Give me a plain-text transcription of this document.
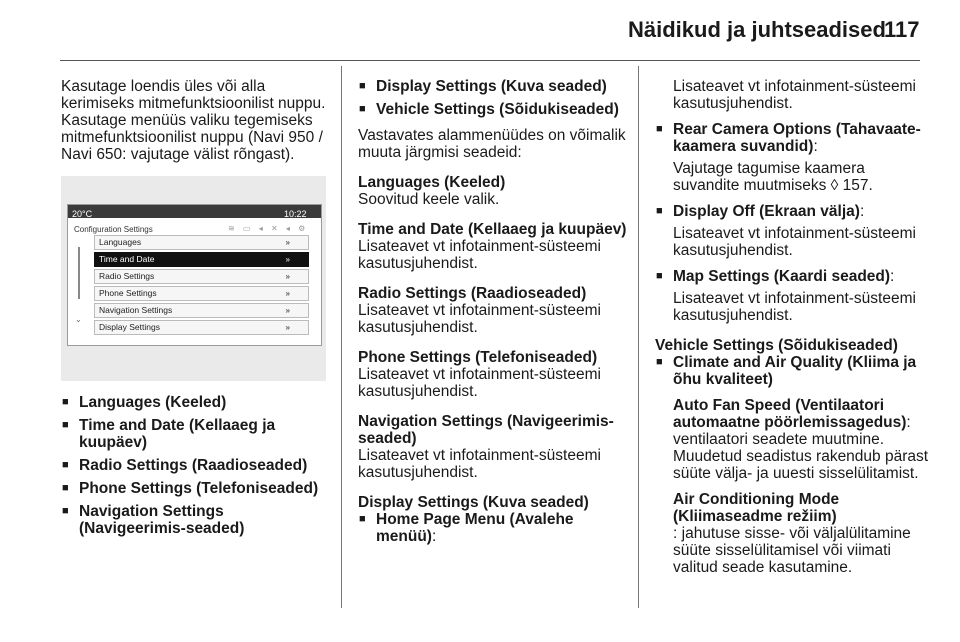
Näidikud ja juhtseadised
117

Kasutage loendis üles või alla kerimiseks mitmefunktsioonilist nuppu. Kasutage menüüs valiku tegemiseks mitmefunktsioonilist nuppu (Navi 950 / Navi 650: vajutage välist rõngast).

20°C	10:22
Configuration Settings	≋ ▭ ◂ ✕ ◂ ⚙
⌄
Languages	»
Time and Date	»
Radio Settings	»
Phone Settings	»
Navigation Settings	»
Display Settings	»

■ Languages (Keeled)

■ Time and Date (Kellaaeg ja kuupäev)

■ Radio Settings (Raadioseaded)

■ Phone Settings (Telefoniseaded)

■ Navigation Settings (Navigeerimis-seaded)

■ Display Settings (Kuva seaded)

■ Vehicle Settings (Sõidukiseaded)

Vastavates alammenüüdes on võimalik muuta järgmisi seadeid:

Languages (Keeled)

Soovitud keele valik.

Time and Date (Kellaaeg ja kuupäev)

Lisateavet vt infotainment-süsteemi kasutusjuhendist.

Radio Settings (Raadioseaded)

Lisateavet vt infotainment-süsteemi kasutusjuhendist.

Phone Settings (Telefoniseaded)

Lisateavet vt infotainment-süsteemi kasutusjuhendist.

Navigation Settings (Navigeerimis-seaded)

Lisateavet vt infotainment-süsteemi kasutusjuhendist.

Display Settings (Kuva seaded)

■ Home Page Menu (Avalehe menüü):

Lisateavet vt infotainment-süsteemi kasutusjuhendist.

■ Rear Camera Options (Tahavaate-kaamera suvandid):

Vajutage tagumise kaamera suvandite muutmiseks ◊ 157.

■ Display Off (Ekraan välja):

Lisateavet vt infotainment-süsteemi kasutusjuhendist.

■ Map Settings (Kaardi seaded):

Lisateavet vt infotainment-süsteemi kasutusjuhendist.

Vehicle Settings (Sõidukiseaded)

■ Climate and Air Quality (Kliima ja õhu kvaliteet)

Auto Fan Speed (Ventilaatori automaatne pöörlemissagedus):

ventilaatori seadete muutmine. Muudetud seadistus rakendub pärast süüte välja- ja uuesti sisselülitamist.

Air Conditioning Mode (Kliimaseadme režiim)

: jahutuse sisse- või väljalülitamine süüte sisselülitamisel või viimati valitud seade kasutamine.
